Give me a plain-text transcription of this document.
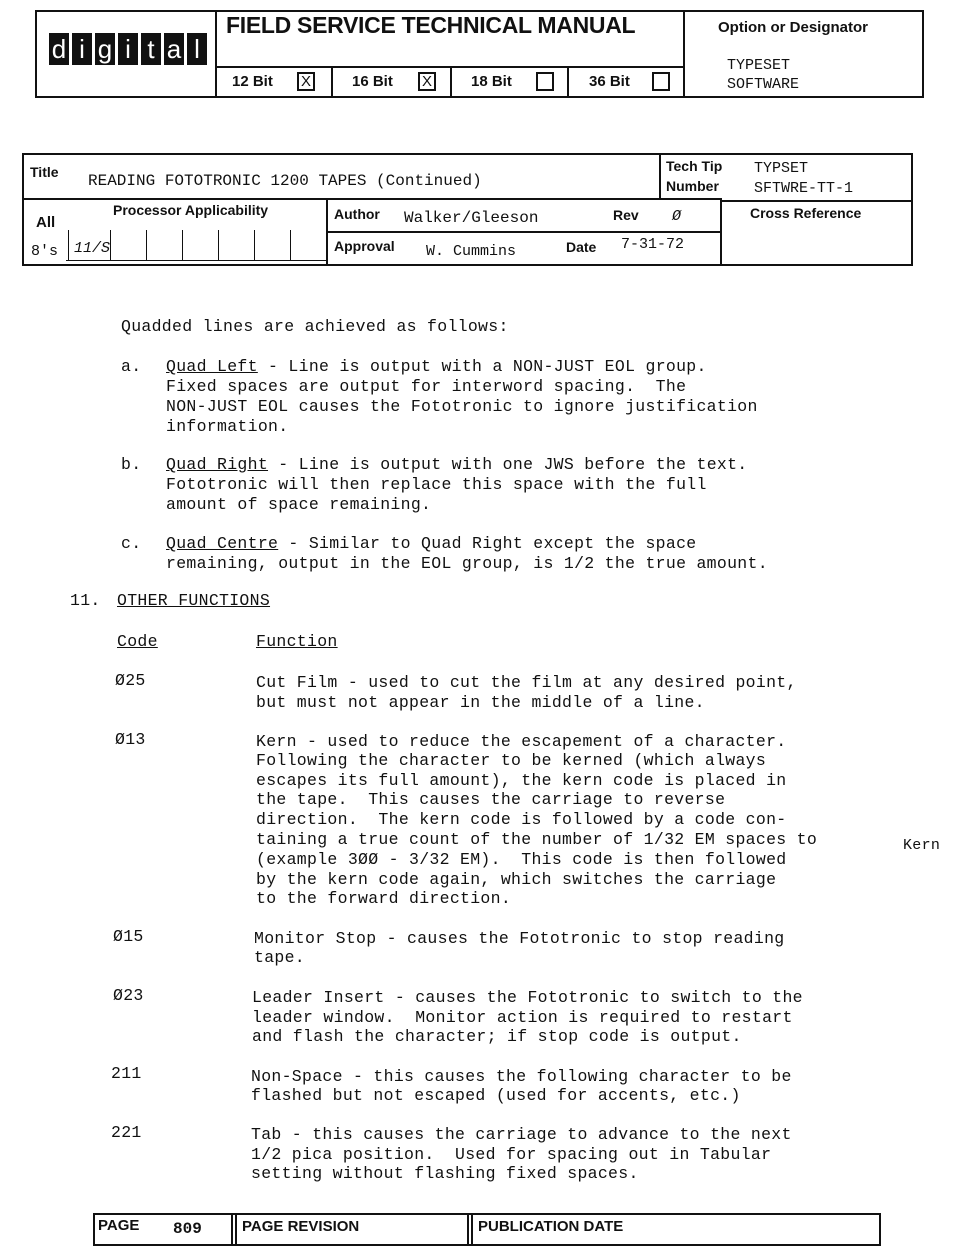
d i g i t a l
FIELD SERVICE TECHNICAL MANUAL
12 Bit X	16 Bit X	18 Bit	36 Bit
Option or Designator
TYPESET
SOFTWARE
Title READING FOTOTRONIC 1200 TAPES (Continued)
Tech Tip
Number
TYPSET
SFTWRE-TT-1
Processor Applicability
All
8's 11/S
Author Walker/Gleeson	Rev Ø
Approval W. Cummins	Date 7-31-72
Cross Reference
Quadded lines are achieved as follows:
a. Quad Left - Line is output with a NON-JUST EOL group.
Fixed spaces are output for interword spacing.  The
NON-JUST EOL causes the Fototronic to ignore justification
information.
b. Quad Right - Line is output with one JWS before the text.
Fototronic will then replace this space with the full
amount of space remaining.
c. Quad Centre - Similar to Quad Right except the space
remaining, output in the EOL group, is 1/2 the true amount.
11. OTHER FUNCTIONS
Code	Function
Ø25	Cut Film - used to cut the film at any desired point,
but must not appear in the middle of a line.
Ø13	Kern - used to reduce the escapement of a character.
Following the character to be kerned (which always
escapes its full amount), the kern code is placed in
the tape.  This causes the carriage to reverse
direction.  The kern code is followed by a code con-
taining a true count of the number of 1/32 EM spaces to
(example 3ØØ - 3/32 EM).  This code is then followed
by the kern code again, which switches the carriage
to the forward direction.
Kern
Ø15	Monitor Stop - causes the Fototronic to stop reading
tape.
Ø23	Leader Insert - causes the Fototronic to switch to the
leader window.  Monitor action is required to restart
and flash the character; if stop code is output.
211	Non-Space - this causes the following character to be
flashed but not escaped (used for accents, etc.)
221	Tab - this causes the carriage to advance to the next
1/2 pica position.  Used for spacing out in Tabular
setting without flashing fixed spaces.
PAGE 809	PAGE REVISION	PUBLICATION DATE
